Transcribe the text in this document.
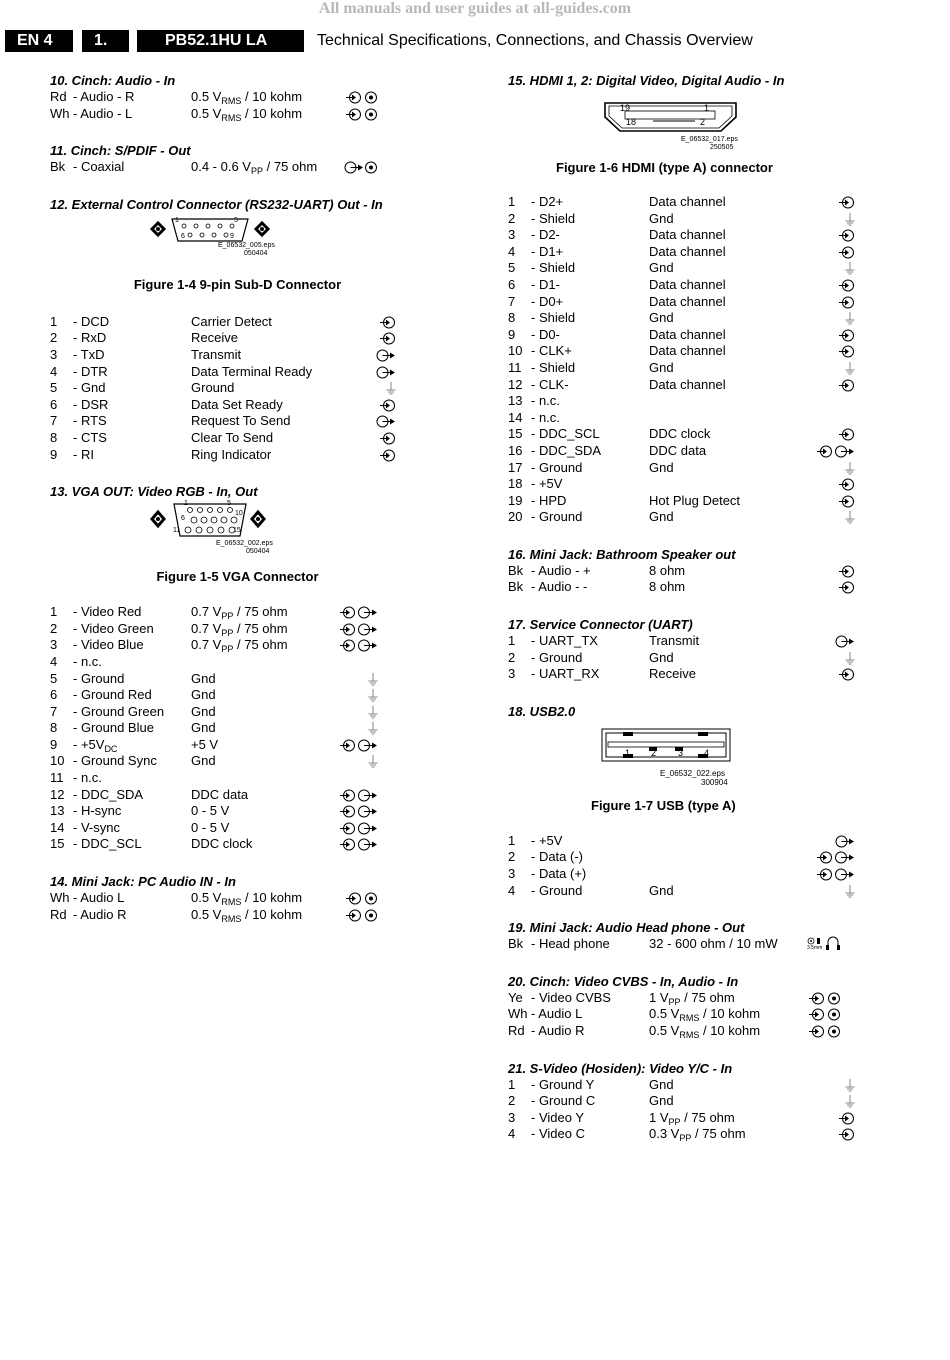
All manuals and user guides at all-guides.com
EN 4	1.	PB52.1HU LA	Technical Specifications, Connections, and Chassis Overview
10. Cinch: Audio - In
Rd - Audio - R	0.5 $V_{RMS} / 10$ kohm
Wh - Audio - L	0.5 $V_{RMS} / 10$ kohm
11. Cinch: S/PDIF - Out
Bk - Coaxial	0.4 - 0.6 $V_{PP} / 75$ ohm
12. External Control Connector (RS232-UART) Out - In
1	5
6	9
E_06532_005.eps
050404
Figure 1-4 9-pin Sub-D Connector
1 - DCD	Carrier Detect
2 - RxD	Receive
3 - TxD	Transmit
4 - DTR	Data Terminal Ready
5 - Gnd	Ground
6 - DSR	Data Set Ready
7 - RTS	Request To Send
8 - CTS	Clear To Send
9 - RI	Ring Indicator
13. VGA OUT: Video RGB - In, Out
1	5
6
10
11	15
E_06532_002.eps
050404
Figure 1-5 VGA Connector
1 - Video Red	0.7 $V_{PP} / 75$ ohm
2 - Video Green	0.7 $V_{PP} / 75$ ohm
3 - Video Blue	0.7 $V_{PP} / 75$ ohm
4 - n.c.
5 - Ground	Gnd
6 - Ground Red	Gnd
7 - Ground Green Gnd
8 - Ground Blue	Gnd
$9 - +5V_{DC}$	+5 V
10 - Ground Sync	Gnd
11 - n.c.
12 - DDC_SDA	DDC data
13 - H-sync	0 - 5 V
14 - V-sync	0 - 5 V
15 - DDC_SCL	DDC clock
14. Mini Jack: PC Audio IN - In
Wh - Audio L	0.5 $V_{RMS} / 10$ kohm
Rd - Audio R	0.5 $V_{RMS} / 10$ kohm
15. HDMI 1, 2: Digital Video, Digital Audio - In
19	1
18	2
E_06532_017.eps
250505
Figure 1-6 HDMI (type A) connector
1 - D2+	Data channel
2 - Shield	Gnd
3 - D2-	Data channel
4 - D1+	Data channel
5 - Shield	Gnd
6 - D1-	Data channel
7 - D0+	Data channel
8 - Shield	Gnd
9 - D0-	Data channel
10 - CLK+	Data channel
11 - Shield	Gnd
12 - CLK-	Data channel
13 - n.c.
14 - n.c.
15 - DDC_SCL	DDC clock
16 - DDC_SDA	DDC data
17 - Ground	Gnd
18 - +5V
19 - HPD	Hot Plug Detect
20 - Ground	Gnd
16. Mini Jack: Bathroom Speaker out
Bk - Audio - +	8 ohm
Bk - Audio - -	8 ohm
17. Service Connector (UART)
1 - UART_TX	Transmit
2 - Ground	Gnd
3 - UART_RX	Receive
18. USB2.0
1 2 3 4
E_06532_022.eps
300904
Figure 1-7 USB (type A)
1 - +5V
2 - Data (-)
3 - Data (+)
4 - Ground	Gnd
19. Mini Jack: Audio Head phone - Out
Bk - Head phone	32 - 600 ohm / 10 mW	3.5mm
20. Cinch: Video CVBS - In, Audio - In
Ye - Video CVBS	1 $V_{PP} / 75$ ohm
Wh - Audio L	0.5 $V_{RMS} / 10$ kohm
Rd - Audio R	0.5 $V_{RMS} / 10$ kohm
21. S-Video (Hosiden): Video Y/C - In
1 - Ground Y	Gnd
2 - Ground C	Gnd
3 - Video Y	1 $V_{PP} / 75$ ohm
4 - Video C	0.3 $V_{PP} / 75$ ohm
